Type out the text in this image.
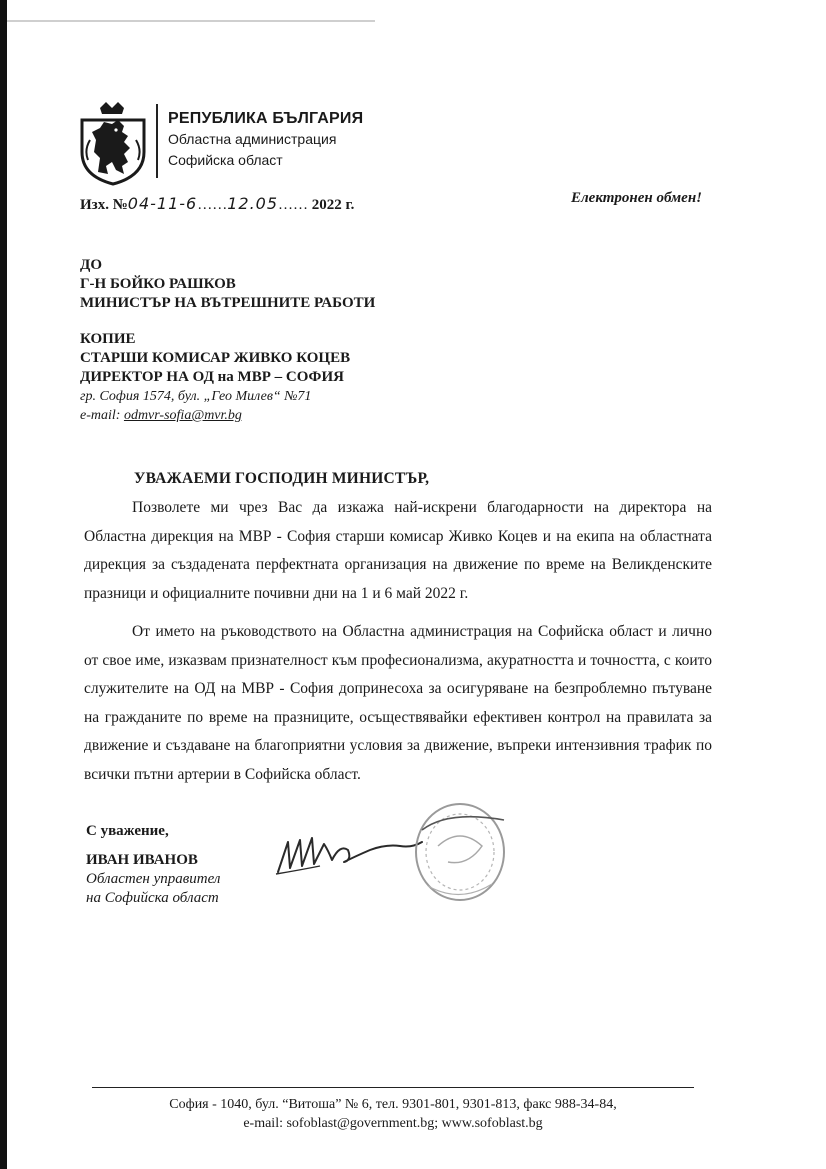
РЕПУБЛИКА БЪЛГАРИЯ
Областна администрация
Софийска област
Изх. №04-11-6……12.05…… 2022 г.	Електронен обмен!
ДО
Г-Н БОЙКО РАШКОВ
МИНИСТЪР НА ВЪТРЕШНИТЕ РАБОТИ
КОПИЕ
СТАРШИ КОМИСАР ЖИВКО КОЦЕВ
ДИРЕКТОР НА ОД на МВР – СОФИЯ
гр. София 1574, бул. „Гео Милев“ №71
e-mail: odmvr-sofia@mvr.bg
УВАЖАЕМИ ГОСПОДИН МИНИСТЪР,

Позволете ми чрез Вас да изкажа най-искрени благодарности на директора на Областна дирекция на МВР - София старши комисар Живко Коцев и на екипа на областната дирекция за създадената перфектната организация на движение по време на Великденските празници и официалните почивни дни на 1 и 6 май 2022 г.

От името на ръководството на Областна администрация на Софийска област и лично от свое име, изказвам признателност към професионализма, акуратността и точността, с които служителите на ОД на МВР - София допринесоха за осигуряване на безпроблемно пътуване на гражданите по време на празниците, осъществявайки ефективен контрол на правилата за движение и създаване на благоприятни условия за движение, въпреки интензивния трафик по всички пътни артерии в Софийска област.

С уважение,
ИВАН ИВАНОВ
Областен управител
на Софийска област
София - 1040, бул. “Витоша” № 6, тел. 9301-801, 9301-813, факс 988-34-84,
e-mail: sofoblast@government.bg; www.sofoblast.bg
